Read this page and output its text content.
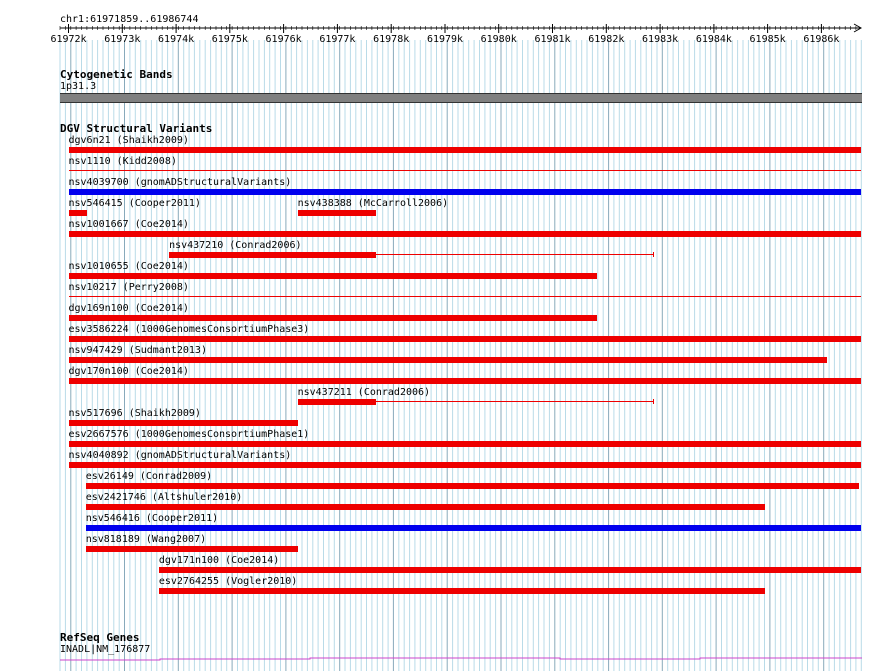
chr1:61971859..61986744
61972k 61973k 61974k 61975k 61976k 61977k 61978k 61979k 61980k 61981k 61982k 61983k 61984k 61985k 61986k
Cytogenetic Bands
1p31.3
DGV Structural Variants
dgv6n21 (Shaikh2009)
nsv1110 (Kidd2008)
nsv4039700 (gnomADStructuralVariants)
nsv546415 (Cooper2011)	nsv438388 (McCarroll2006)
nsv1001667 (Coe2014)
nsv437210 (Conrad2006)
nsv1010655 (Coe2014)
nsv10217 (Perry2008)
dgv169n100 (Coe2014)
esv3586224 (1000GenomesConsortiumPhase3)
nsv947429 (Sudmant2013)
dgv170n100 (Coe2014)
nsv437211 (Conrad2006)
nsv517696 (Shaikh2009)
esv2667576 (1000GenomesConsortiumPhase1)
nsv4040892 (gnomADStructuralVariants)
esv26149 (Conrad2009)
esv2421746 (Altshuler2010)
nsv546416 (Cooper2011)
nsv818189 (Wang2007)
dgv171n100 (Coe2014)
esv2764255 (Vogler2010)
RefSeq Genes
INADL|NM_176877
